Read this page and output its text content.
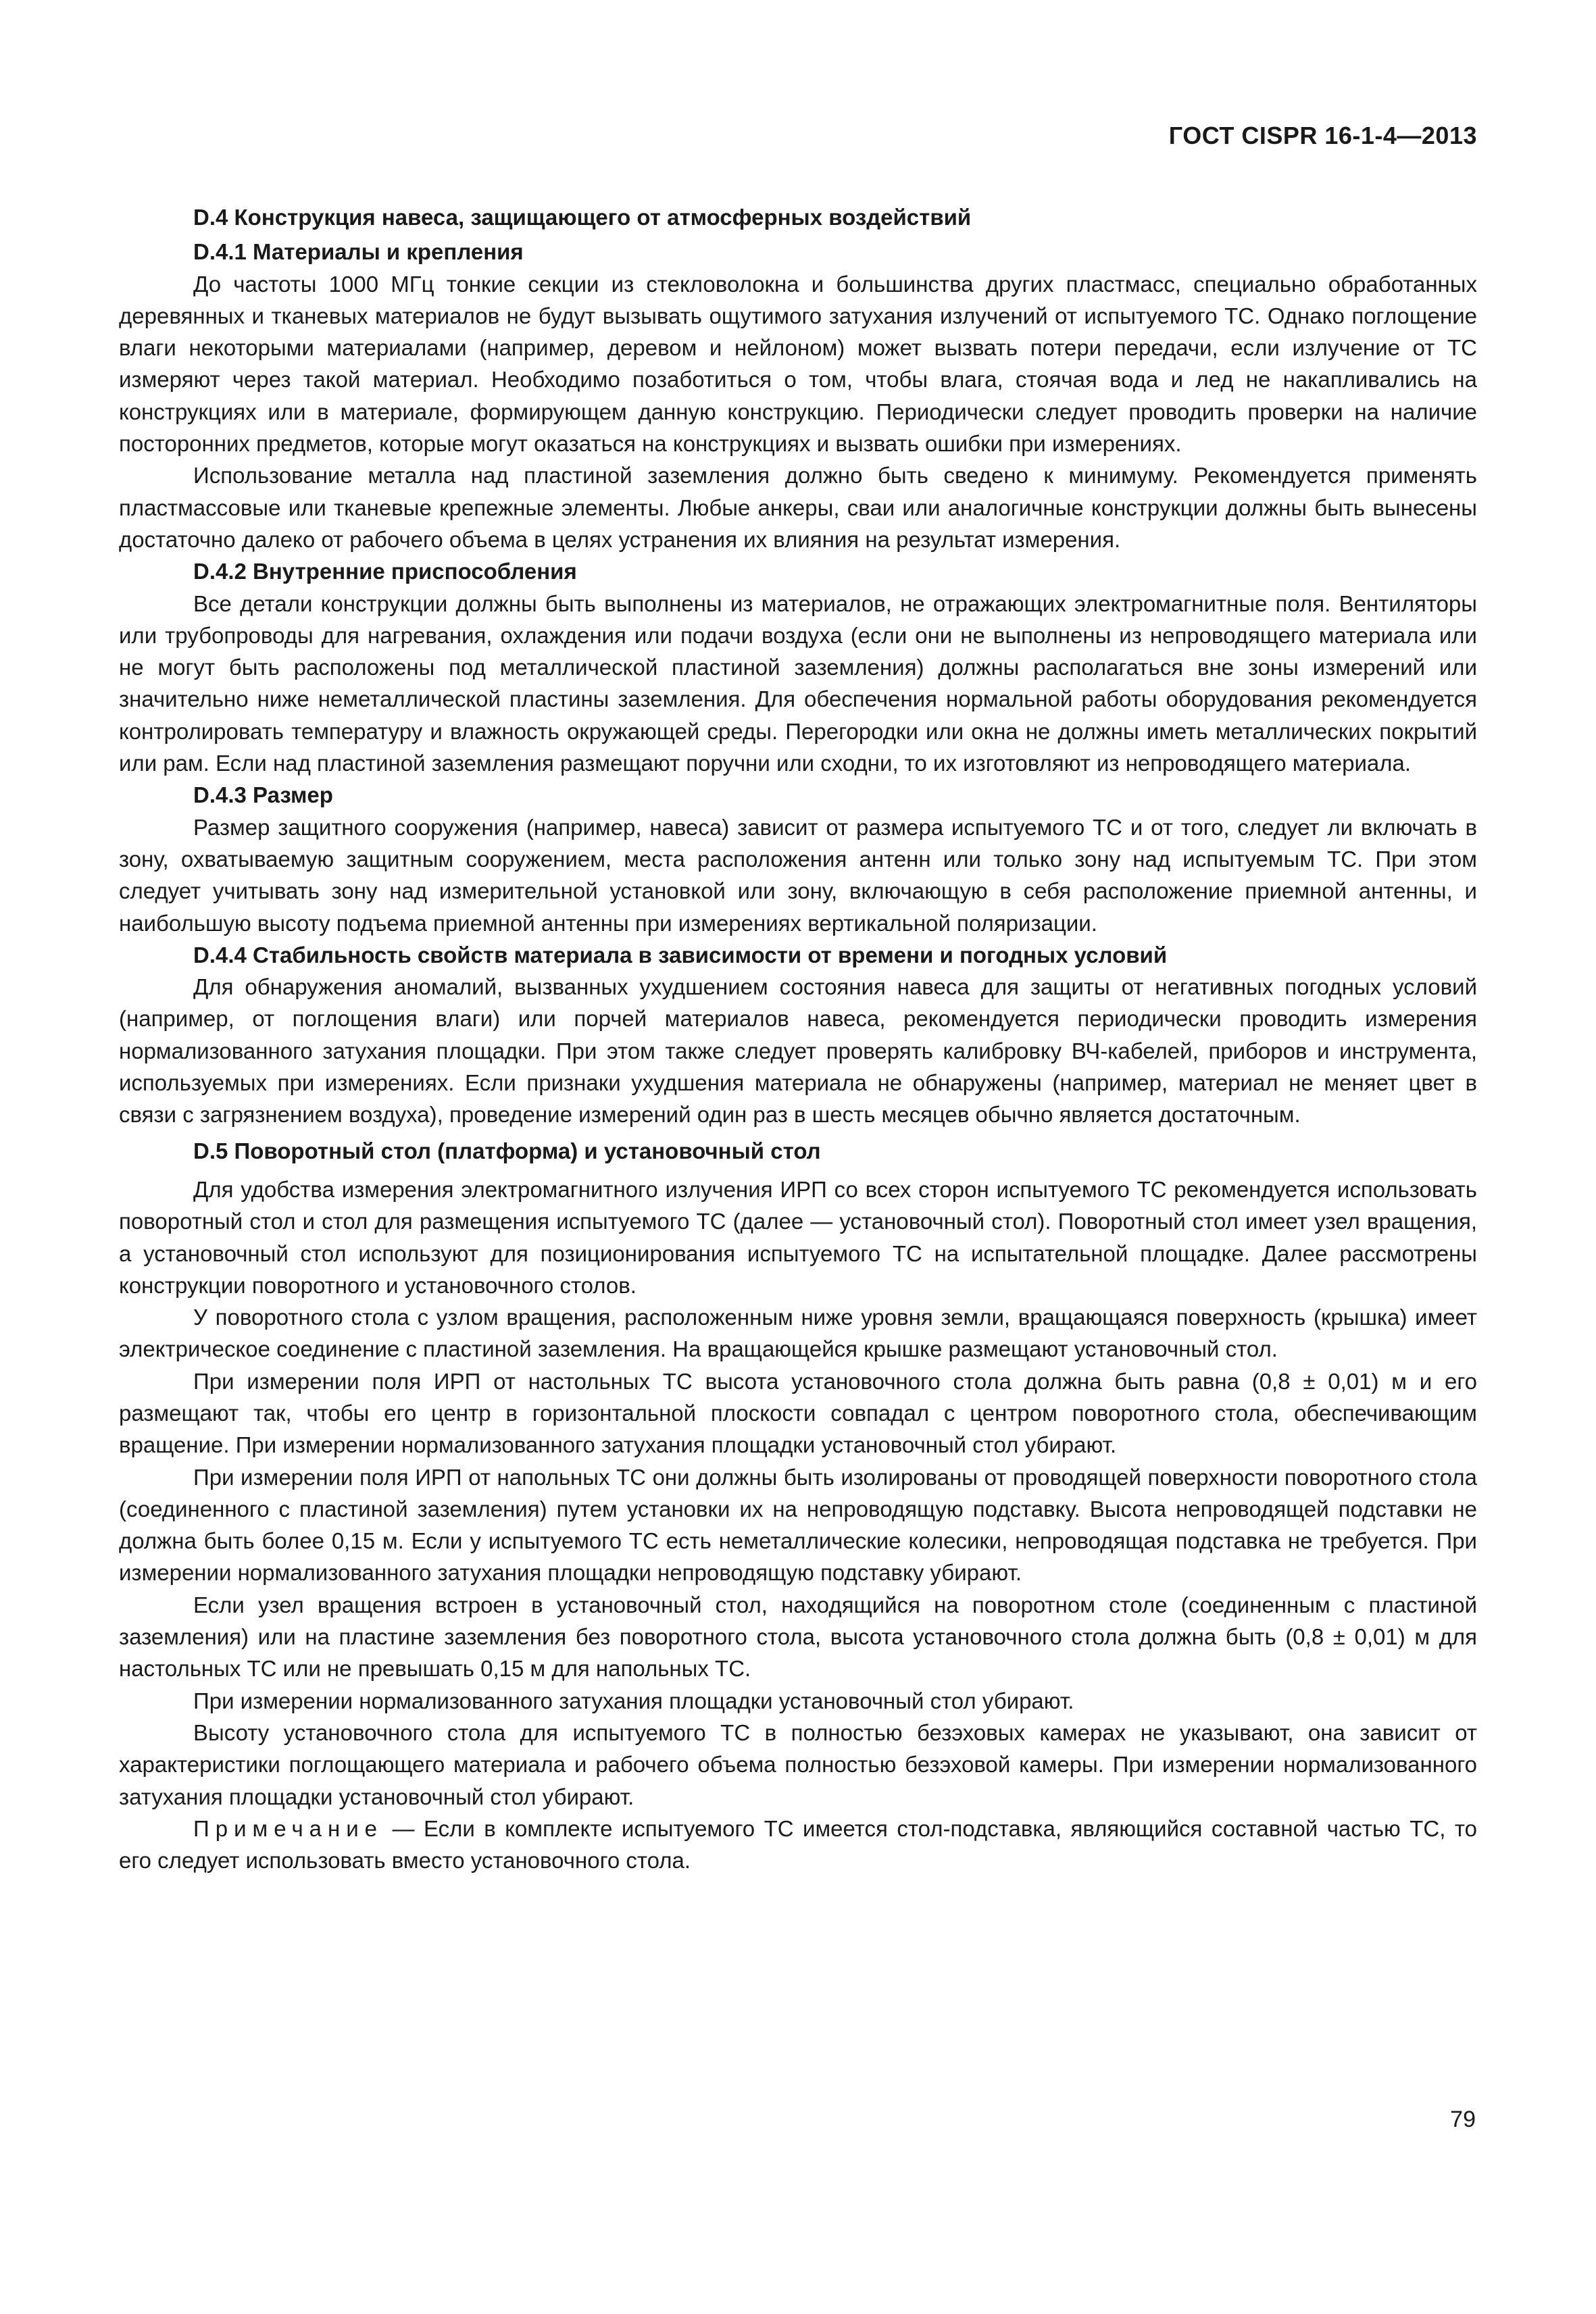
ГОСТ CISPR 16-1-4—2013
D.4 Конструкция навеса, защищающего от атмосферных воздействий
D.4.1 Материалы и крепления

До частоты 1000 МГц тонкие секции из стекловолокна и большинства других пластмасс, специально обработанных деревянных и тканевых материалов не будут вызывать ощутимого затухания излучений от испытуемого ТС. Однако поглощение влаги некоторыми материалами (например, деревом и нейлоном) может вызвать потери передачи, если излучение от ТС измеряют через такой материал. Необходимо позаботиться о том, чтобы влага, стоячая вода и лед не накапливались на конструкциях или в материале, формирующем данную конструкцию. Периодически следует проводить проверки на наличие посторонних предметов, которые могут оказаться на конструкциях и вызвать ошибки при измерениях.

Использование металла над пластиной заземления должно быть сведено к минимуму. Рекомендуется применять пластмассовые или тканевые крепежные элементы. Любые анкеры, сваи или аналогичные конструкции должны быть вынесены достаточно далеко от рабочего объема в целях устранения их влияния на результат измерения.

D.4.2 Внутренние приспособления

Все детали конструкции должны быть выполнены из материалов, не отражающих электромагнитные поля. Вентиляторы или трубопроводы для нагревания, охлаждения или подачи воздуха (если они не выполнены из непроводящего материала или не могут быть расположены под металлической пластиной заземления) должны располагаться вне зоны измерений или значительно ниже неметаллической пластины заземления. Для обеспечения нормальной работы оборудования рекомендуется контролировать температуру и влажность окружающей среды. Перегородки или окна не должны иметь металлических покрытий или рам. Если над пластиной заземления размещают поручни или сходни, то их изготовляют из непроводящего материала.

D.4.3 Размер

Размер защитного сооружения (например, навеса) зависит от размера испытуемого ТС и от того, следует ли включать в зону, охватываемую защитным сооружением, места расположения антенн или только зону над испытуемым ТС. При этом следует учитывать зону над измерительной установкой или зону, включающую в себя расположение приемной антенны, и наибольшую высоту подъема приемной антенны при измерениях вертикальной поляризации.

D.4.4 Стабильность свойств материала в зависимости от времени и погодных условий

Для обнаружения аномалий, вызванных ухудшением состояния навеса для защиты от негативных погодных условий (например, от поглощения влаги) или порчей материалов навеса, рекомендуется периодически проводить измерения нормализованного затухания площадки. При этом также следует проверять калибровку ВЧ-кабелей, приборов и инструмента, используемых при измерениях. Если признаки ухудшения материала не обнаружены (например, материал не меняет цвет в связи с загрязнением воздуха), проведение измерений один раз в шесть месяцев обычно является достаточным.

D.5 Поворотный стол (платформа) и установочный стол

Для удобства измерения электромагнитного излучения ИРП со всех сторон испытуемого ТС рекомендуется использовать поворотный стол и стол для размещения испытуемого ТС (далее — установочный стол). Поворотный стол имеет узел вращения, а установочный стол используют для позиционирования испытуемого ТС на испытательной площадке. Далее рассмотрены конструкции поворотного и установочного столов.

У поворотного стола с узлом вращения, расположенным ниже уровня земли, вращающаяся поверхность (крышка) имеет электрическое соединение с пластиной заземления. На вращающейся крышке размещают установочный стол.

При измерении поля ИРП от настольных ТС высота установочного стола должна быть равна (0,8 ± 0,01) м и его размещают так, чтобы его центр в горизонтальной плоскости совпадал с центром поворотного стола, обеспечивающим вращение. При измерении нормализованного затухания площадки установочный стол убирают.

При измерении поля ИРП от напольных ТС они должны быть изолированы от проводящей поверхности поворотного стола (соединенного с пластиной заземления) путем установки их на непроводящую подставку. Высота непроводящей подставки не должна быть более 0,15 м. Если у испытуемого ТС есть неметаллические колесики, непроводящая подставка не требуется. При измерении нормализованного затухания площадки непроводящую подставку убирают.

Если узел вращения встроен в установочный стол, находящийся на поворотном столе (соединенным с пластиной заземления) или на пластине заземления без поворотного стола, высота установочного стола должна быть (0,8 ± 0,01) м для настольных ТС или не превышать 0,15 м для напольных ТС.

При измерении нормализованного затухания площадки установочный стол убирают.

Высоту установочного стола для испытуемого ТС в полностью безэховых камерах не указывают, она зависит от характеристики поглощающего материала и рабочего объема полностью безэховой камеры. При измерении нормализованного затухания площадки установочный стол убирают.

Примечание — Если в комплекте испытуемого ТС имеется стол-подставка, являющийся составной частью ТС, то его следует использовать вместо установочного стола.

79
